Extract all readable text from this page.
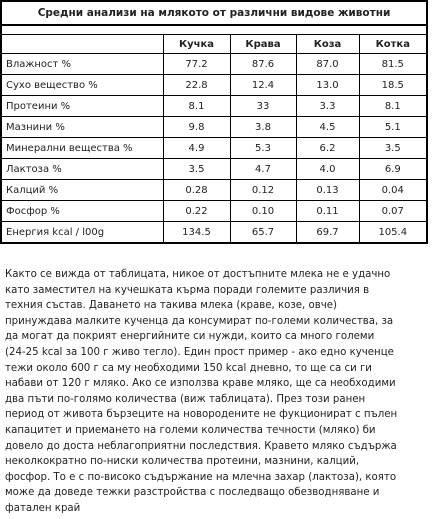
Средни анализи на млякото от различни видове животни				

	Кучка	Крава	Коза	Котка
Влажност %	77.2	87.6	87.0	81.5
Сухо вещество %	22.8	12.4	13.0	18.5
Протеини %	8.1	33	3.3	8.1
Мазнини %	9.8	3.8	4.5	5.1
Минерални вещества %	4.9	5.3	6.2	3.5
Лактоза %	3.5	4.7	4.0	6.9
Калций %	0.28	0.12	0.13	0.04
Фосфор %	0.22	0.10	0.11	0.07
Енергия kcal / l00g	134.5	65.7	69.7	105.4
Както се вижда от таблицата, никое от достъпните млека не е удачно
като заместител на кучешката кърма поради големите различия в
техния състав. Даването на такива млека (краве, козе, овче)
принуждава малките кученца да консумират по-големи количества, за
да могат да покрият енергийните си нужди, които са много големи
(24-25 kcal за 100 г живо тегло). Един прост пример - ако едно кученце
тежи около 600 г са му необходими 150 kcal дневно, то ще са си ги
набави от 120 г мляко. Ако се използва краве мляко, ще са необходими
два пъти по-голямо количества (виж таблицата). През този ранен
период от живота бързеците на новородените не фукционират с пълен
капацитет и приемането на големи количества течности (мляко) би
довело до доста неблагоприятни последствия. Кравето мляко съдържа
неколкократно по-ниски количества протеини, мазнини, калций,
фосфор. То е с по-високо съдържание на млечна захар (лактоза), която
може да доведе тежки разстройства с последващо обезводняване и
фатален край
